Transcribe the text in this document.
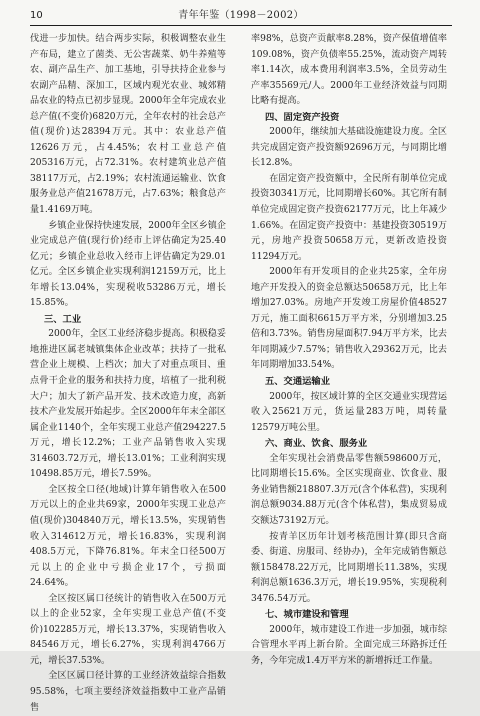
10	青年年鉴（1998－2002）

伐进一步加快。结合两步实际，积极调整农业生产布局，建立了菌类、无公害蔬菜、奶牛养殖等农、副产品生产、加工基地，引导扶持企业参与农副产品精、深加工，区域内观光农业、城郊精品农业的特点已初步显现。2000年全年完成农业总产值(不变价)6820万元，全年农村的社会总产值(现价)达28394万元。其中：农业总产值12626万元，占4.45%；农村工业总产值205316万元，占72.31%。农村建筑业总产值38117万元，占2.19%；农村流通运输业、饮食服务业总产值21678万元，占7.63%；粮食总产量1.4169万吨。

乡镇企业保持快速发展，2000年全区乡镇企业完成总产值(现行价)经市上评估确定为25.40亿元；乡镇企业总收入经市上评估确定为29.01亿元。全区乡镇企业实现利润12159万元，比上年增长13.04%，实现税收53286万元，增长15.85%。

三、工业

2000年，全区工业经济稳步提高。积极稳妥地推进区属老城镇集体企业改革；扶持了一批私营企业上规模、上档次；加大了对重点项目、重点骨干企业的服务和扶持力度，培植了一批利税大户；加大了新产品开发、技术改造力度，高新技术产业发展开始起步。全区2000年年末全部区属企业1140个，全年实现工业总产值294227.5万元，增长12.2%；工业产品销售收入实现314603.72万元，增长13.01%；工业利润实现10498.85万元，增长7.59%。

全区按全口径(地域)计算年销售收入在500万元以上的企业共69家，2000年实现工业总产值(现价)304840万元，增长13.5%，实现销售收入314612万元，增长16.83%，实现利润408.5万元，下降76.81%。年末全口径500万元以上的企业中亏损企业17个，亏损面24.64%。

全区按区属口径统计的销售收入在500万元以上的企业52家，全年实现工业总产值(不变价)102285万元，增长13.37%，实现销售收入84546万元，增长6.27%，实现利润4766万元，增长37.53%。

全区区属口径计算的工业经济效益综合指数95.58%，七项主要经济效益指数中工业产品销售

率98%，总资产贡献率8.28%，资产保值增值率109.08%，资产负债率55.25%，流动资产周转率1.14次，成本费用利润率3.5%，全员劳动生产率35569元/人。2000年工业经济效益与同期比略有提高。

四、固定资产投资

2000年，继续加大基础设施建设力度。全区共完成固定资产投资额92696万元，与同期比增长12.8%。

在固定资产投资额中，全民所有制单位完成投资30341万元，比同期增长60%。其它所有制单位完成固定资产投资62177万元，比上年减少1.66%。在固定资产投资中：基建投资30519万元，房地产投资50658万元，更新改造投资11294万元。

2000年有开发项目的企业共25家，全年房地产开发投入的资金总额达50658万元，比上年增加27.03%。房地产开发竣工房屋价值48527万元，施工面积6615万平方米，分别增加3.25倍和3.73%。销售房屋面积7.94万平方米，比去年同期减少7.57%；销售收入29362万元，比去年同期增加33.54%。

五、交通运输业

2000年，按区域计算的全区交通业实现营运收入25621万元，货运量283万吨，周转量12579万吨公里。

六、商业、饮食、服务业

全年实现社会消费品零售额598600万元，比同期增长15.6%。全区实现商业、饮食业、服务业销售额218807.3万元(含个体私营)，实现利润总额9034.88万元(含个体私营)，集成贸易成交额达73192万元。

按青羊区历年计划考核范围计算(即只含商委、街道、房服司、经协办)，全年完成销售额总额158478.22万元，比同期增长11.38%，实现利润总额1636.3万元，增长19.95%，实现税利3476.54万元。

七、城市建设和管理

2000年，城市建设工作进一步加强，城市综合管理水平再上新台阶。全面完成三环路拆迁任务，今年完成1.4万平方米的新增拆迁工作量。
